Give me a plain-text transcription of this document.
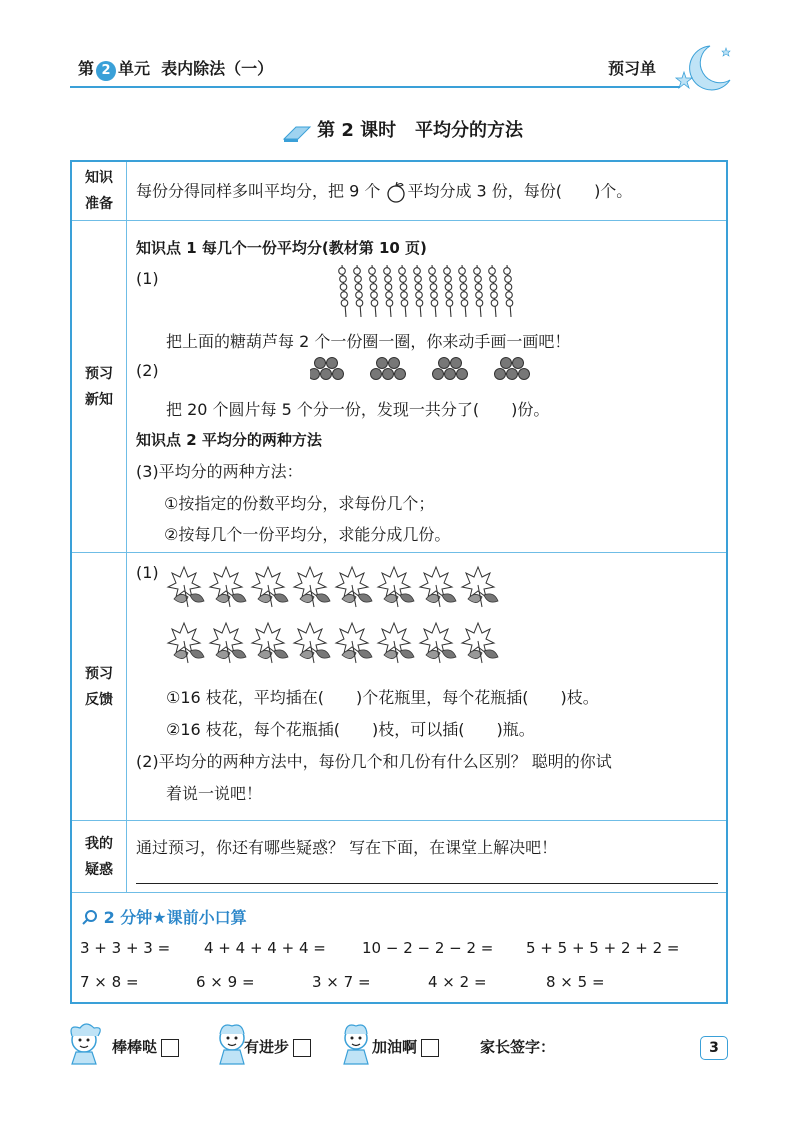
第 2 单元  表内除法（一）	预习单
第 2 课时   平均分的方法
知识
准备
每份分得同样多叫平均分，把 9 个 平均分成 3 份，每份( )个。
预习
新知
知识点 1 每几个一份平均分(教材第 10 页)
(1)
把上面的糖葫芦每 2 个一份圈一圈，你来动手画一画吧！
(2)
把 20 个圆片每 5 个分一份，发现一共分了( )份。
知识点 2 平均分的两种方法
(3)平均分的两种方法：
①按指定的份数平均分，求每份几个；
②按每几个一份平均分，求能分成几份。
预习
反馈
(1)
①16 枝花，平均插在( )个花瓶里，每个花瓶插( )枝。
②16 枝花，每个花瓶插( )枝，可以插( )瓶。
(2)平均分的两种方法中，每份几个和几份有什么区别？ 聪明的你试
着说一说吧！
我的
疑惑
通过预习，你还有哪些疑惑？ 写在下面，在课堂上解决吧！
2 分钟★课前小口算
3 + 3 + 3 = 4 + 4 + 4 + 4 = 10 − 2 − 2 − 2 = 5 + 5 + 5 + 2 + 2 =
7 × 8 =	6 × 9 =	3 × 7 =	4 × 2 =	8 × 5 =
棒棒哒	有进步	加油啊	家长签字：	3
